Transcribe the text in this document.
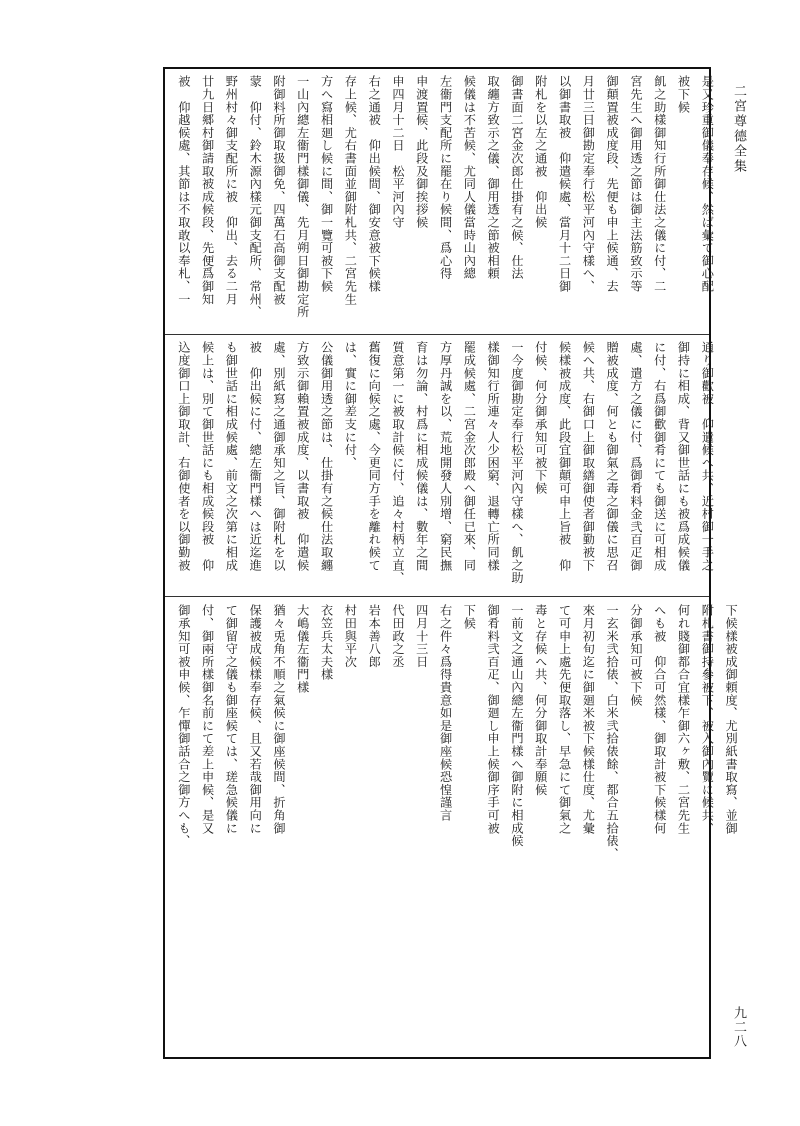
二宮尊德全集
是又珍重御儀奉存候、然ば彙て御心配
被下候
飢之助樣御知行所御仕法之儀に付、二
宮先生へ御用透之節は御主法筋致示等
御顛置被成度段、先便も申上候通、去
月廿三日御勘定奉行松平河內守樣へ、
以御書取被　仰遣候處、當月十二日御
附札を以左之通被　仰出候
御書面二宮金次郎仕掛有之候、仕法
取纏方致示之儀、御用透之節被相頼
候儀は不苦候、尤同人儀當時山內總
左衞門支配所に罷在り候間、爲心得
申渡置候、此段及御挨拶候
申四月十二日　松平河內守
右之通被　仰出候間、御安意被下候樣
存上候、尤右書面並御附札共、二宮先生
方へ寫相廻し候に間、御一覽可被下候
一山內總左衞門樣御儀、先月朔日御勘定所
附御料所御取扱御免、四萬石高御支配被
蒙　仰付、鈴木源內樣元御支配所、常州、
野州村々御支配所に被　仰出、去る二月
廿九日郷村御請取被成候段、先便爲御知
被　仰越候處、其節は不取敢以奉札、一
通り御歡被　仰遣候へ共、近村御一手之
御持に相成、背又御世話にも被爲成候儀
に付、右爲御歡御肴にても御送に可相成
處、遣方之儀に付、爲御肴料金弐百疋御
贈被成度、何とも御氣之毒之御儀に思召
候へ共、右御口上御取繕御使者御勤被下
候樣被成度、此段宜御顛可申上旨被　仰
付候、何分御承知可被下候
一今度御勘定奉行松平河內守樣へ、飢之助
樣御知行所連々人少困窮、退轉亡所同樣
罷成候處、二宮金次郎殿へ御任已來、同
方厚丹誠を以、荒地開發人別增、窮民撫
育は勿論、村爲に相成候儀は、數年之間
質意第一に被取計候に付、追々村柄立直、
舊復に向候之處、今更同方手を離れ候て
は、實に御差支に付、
公儀御用透之節は、仕掛有之候仕法取纏
方致示御賴置被成度、以書取被　仰遣候
處、別紙寫之通御承知之旨、御附札を以
被　仰出候に付、總左衞門樣へは近迄進
も御世話に相成候處、前文之次第に相成
候上は、別て御世話にも相成候段被　仰
込度御口上御取計、右御使者を以御勤被
下候樣被成御頼度、尤別紙書取寫、並御
附札書御持參被下、被入御內覽に候共、
何れ賤御都合宜樣乍御六ヶ敷、二宮先生
へも被　仰合可然樣、御取計被下候樣何
分御承知可被下候
一玄米弐拾俵、白米弐拾俵餘、都合五拾俵、
來月初旬迄に御廻米被下候樣仕度、尤彙
て可申上處先便取落し、早急にて御氣之
毒と存候へ共、何分御取計奉願候
一前文之通山內總左衞門樣へ御附に相成候
御肴料弐百疋、御廻し申上候御序手可被
下候
右之件々爲得貴意如是御座候恐惶謹言
四月十三日
代田政之丞
岩本善八郎
村田與平次
衣笠兵太夫樣
大嶋儀左衞門樣
猶々兎角不順之氣候に御座候間、折角御
保護被成候樣奉存候、且又若哉御用向に
て御留守之儀も御座候ては、瑳急候儀に
付、御兩所樣御名前にて差上申候、是又
御承知可被申候、乍憚御話合之御方へも、
九二八
